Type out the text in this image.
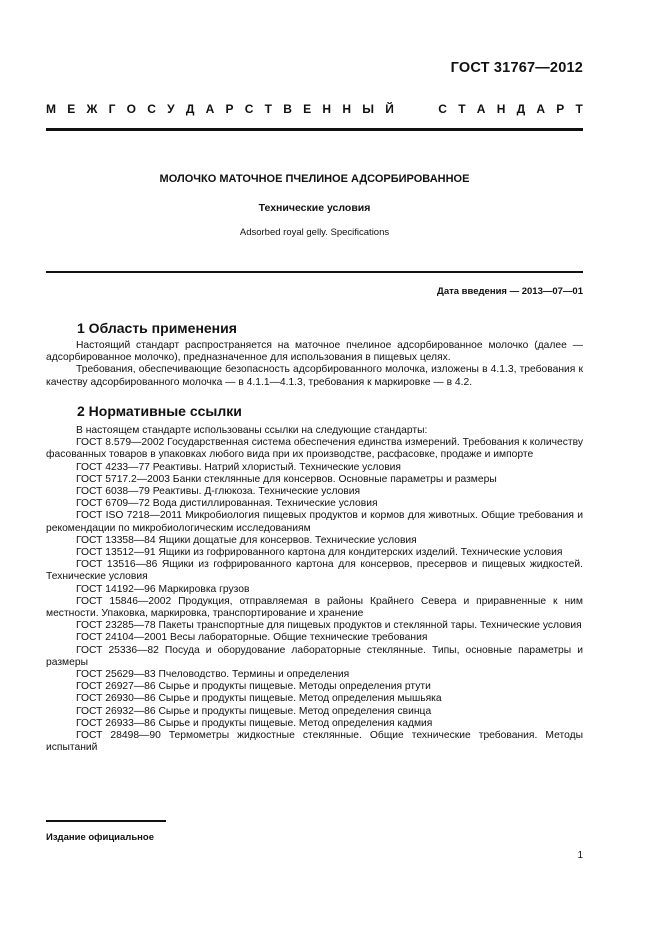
ГОСТ 31767—2012
М Е Ж Г О С У Д А Р С Т В Е Н Н Ы Й	С Т А Н Д А Р Т
МОЛОЧКО МАТОЧНОЕ ПЧЕЛИНОЕ АДСОРБИРОВАННОЕ
Технические условия
Adsorbed royal gelly. Specifications
Дата введения — 2013—07—01
1 Область применения

Настоящий стандарт распространяется на маточное пчелиное адсорбированное молочко (далее — адсорбированное молочко), предназначенное для использования в пищевых целях.

Требования, обеспечивающие безопасность адсорбированного молочка, изложены в 4.1.3, требования к качеству адсорбированного молочка — в 4.1.1—4.1.3, требования к маркировке — в 4.2.

2 Нормативные ссылки

В настоящем стандарте использованы ссылки на следующие стандарты:

ГОСТ 8.579—2002 Государственная система обеспечения единства измерений. Требования к количеству фасованных товаров в упаковках любого вида при их производстве, расфасовке, продаже и импорте

ГОСТ 4233—77 Реактивы. Натрий хлористый. Технические условия

ГОСТ 5717.2—2003 Банки стеклянные для консервов. Основные параметры и размеры

ГОСТ 6038—79 Реактивы. Д-глюкоза. Технические условия

ГОСТ 6709—72 Вода дистиллированная. Технические условия

ГОСТ ISO 7218—2011 Микробиология пищевых продуктов и кормов для животных. Общие требования и рекомендации по микробиологическим исследованиям

ГОСТ 13358—84 Ящики дощатые для консервов. Технические условия

ГОСТ 13512—91 Ящики из гофрированного картона для кондитерских изделий. Технические условия

ГОСТ 13516—86 Ящики из гофрированного картона для консервов, пресервов и пищевых жидкостей. Технические условия

ГОСТ 14192—96 Маркировка грузов

ГОСТ 15846—2002 Продукция, отправляемая в районы Крайнего Севера и приравненные к ним местности. Упаковка, маркировка, транспортирование и хранение

ГОСТ 23285—78 Пакеты транспортные для пищевых продуктов и стеклянной тары. Технические условия

ГОСТ 24104—2001 Весы лабораторные. Общие технические требования

ГОСТ 25336—82 Посуда и оборудование лабораторные стеклянные. Типы, основные параметры и размеры

ГОСТ 25629—83 Пчеловодство. Термины и определения

ГОСТ 26927—86 Сырье и продукты пищевые. Методы определения ртути

ГОСТ 26930—86 Сырье и продукты пищевые. Метод определения мышьяка

ГОСТ 26932—86 Сырье и продукты пищевые. Метод определения свинца

ГОСТ 26933—86 Сырье и продукты пищевые. Метод определения кадмия

ГОСТ 28498—90 Термометры жидкостные стеклянные. Общие технические требования. Методы испытаний

Издание официальное
1
